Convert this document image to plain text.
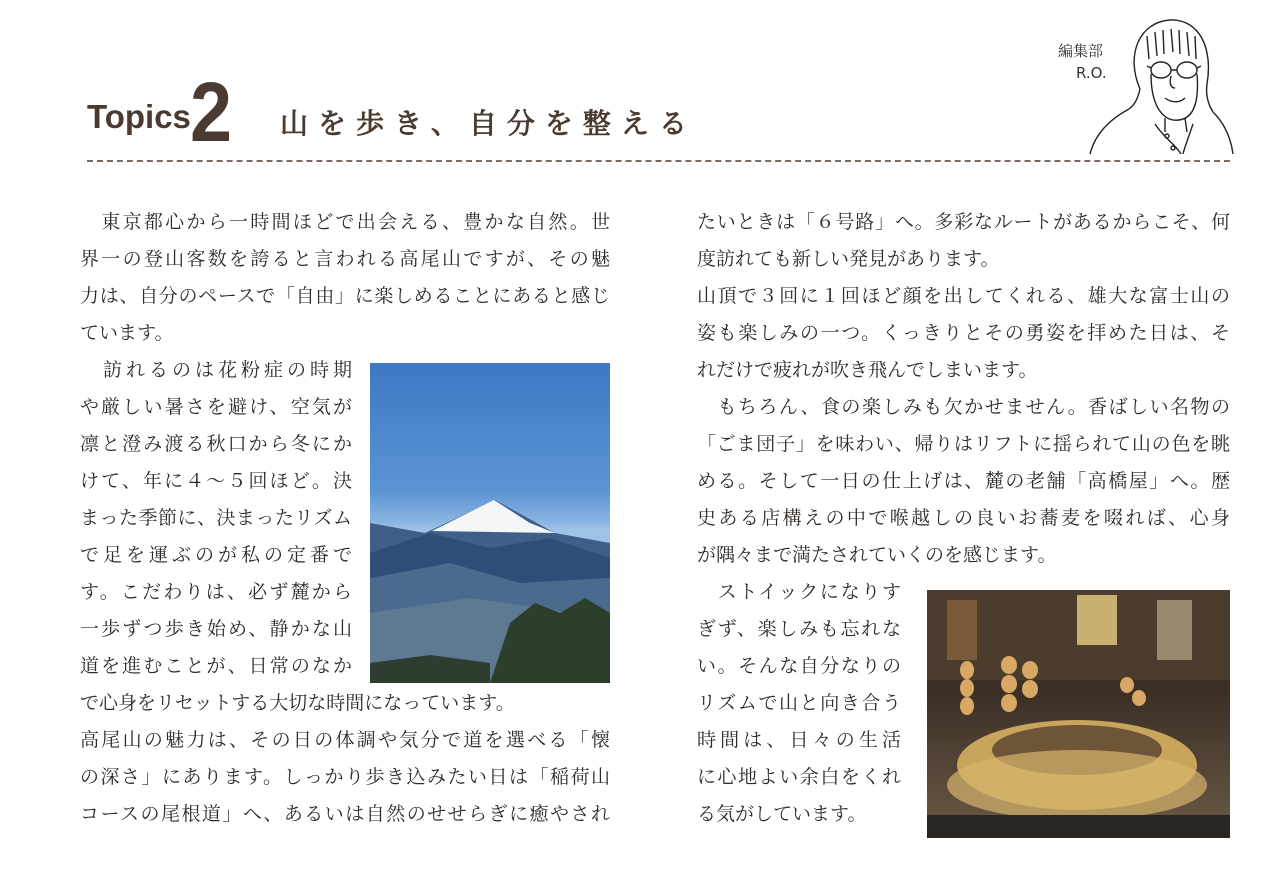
Topics 2 山を歩き、自分を整える
編集部
R.O.
　東京都心から一時間ほどで出会える、豊かな自然。世
界一の登山客数を誇ると言われる高尾山ですが、その魅
力は、自分のペースで「自由」に楽しめることにあると感じ
ています。
　訪れるのは花粉症の時期
や厳しい暑さを避け、空気が
凛と澄み渡る秋口から冬にか
けて、年に４～５回ほど。決
まった季節に、決まったリズム
で足を運ぶのが私の定番で
す。こだわりは、必ず麓から
一歩ずつ歩き始め、静かな山
道を進むことが、日常のなか
で心身をリセットする大切な時間になっています。
高尾山の魅力は、その日の体調や気分で道を選べる「懐
の深さ」にあります。しっかり歩き込みたい日は「稲荷山
コースの尾根道」へ、あるいは自然のせせらぎに癒やされ
たいときは「６号路」へ。多彩なルートがあるからこそ、何
度訪れても新しい発見があります。
山頂で３回に１回ほど顔を出してくれる、雄大な富士山の
姿も楽しみの一つ。くっきりとその勇姿を拝めた日は、そ
れだけで疲れが吹き飛んでしまいます。
　もちろん、食の楽しみも欠かせません。香ばしい名物の
「ごま団子」を味わい、帰りはリフトに揺られて山の色を眺
める。そして一日の仕上げは、麓の老舗「高橋屋」へ。歴
史ある店構えの中で喉越しの良いお蕎麦を啜れば、心身
が隅々まで満たされていくのを感じます。
　ストイックになりす
ぎず、楽しみも忘れな
い。そんな自分なりの
リズムで山と向き合う
時間は、日々の生活
に心地よい余白をくれ
る気がしています。
